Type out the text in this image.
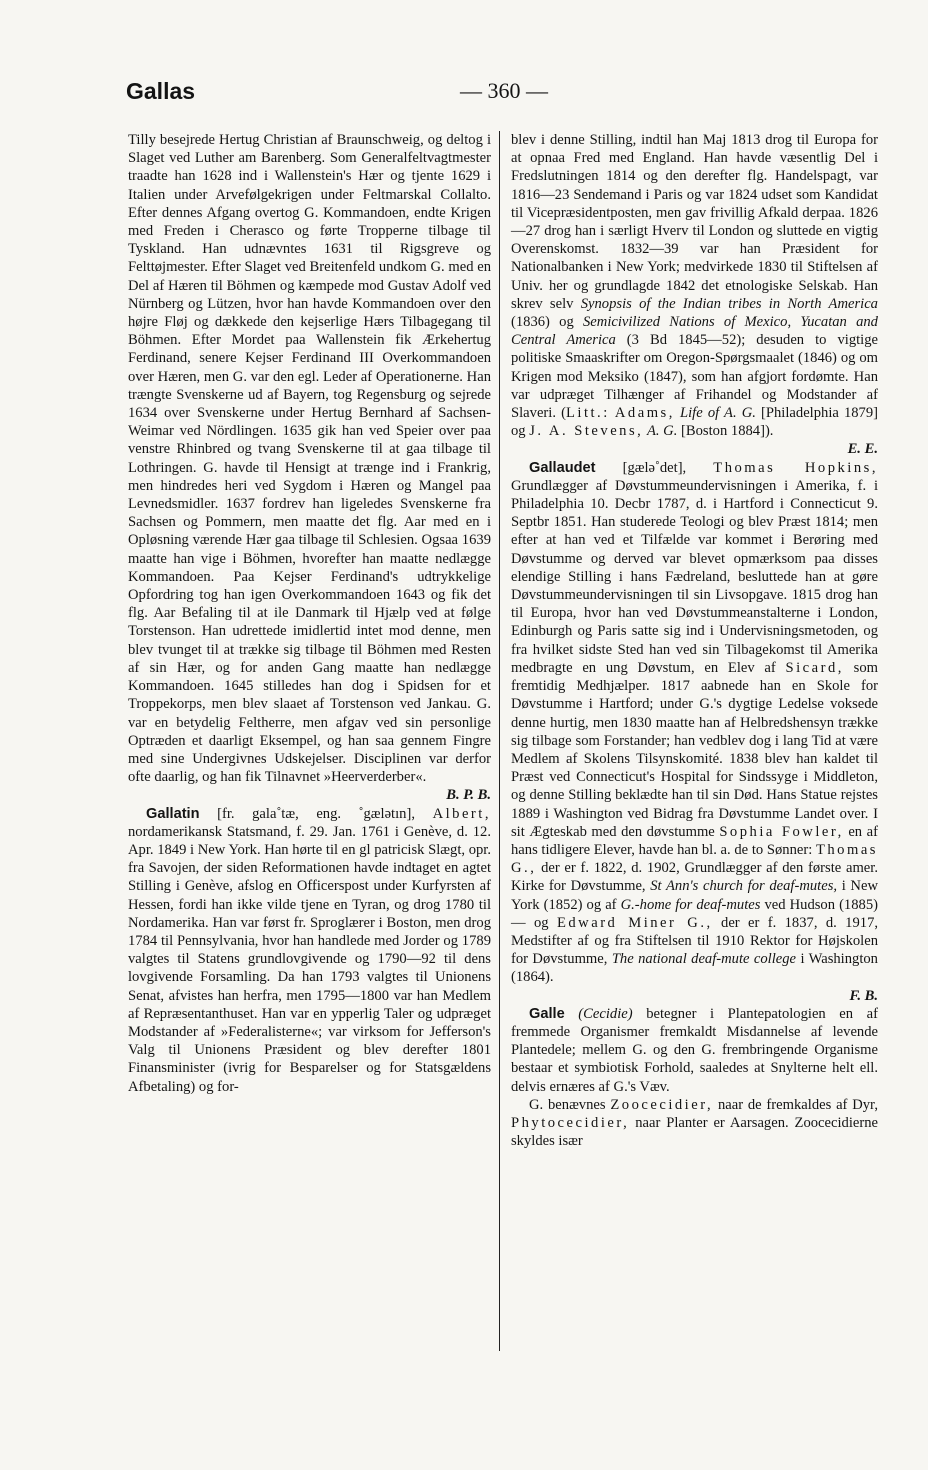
Gallas	— 360 —

Tilly besejrede Hertug Christian af Braunschweig, og deltog i Slaget ved Luther am Barenberg. Som Generalfeltvagtmester traadte han 1628 ind i Wallenstein's Hær og tjente 1629 i Italien under Arvefølgekrigen under Feltmarskal Collalto. Efter dennes Afgang overtog G. Kommandoen, endte Krigen med Freden i Cherasco og førte Tropperne tilbage til Tyskland. Han udnævntes 1631 til Rigsgreve og Felttøjmester. Efter Slaget ved Breitenfeld undkom G. med en Del af Hæren til Böhmen og kæmpede mod Gustav Adolf ved Nürnberg og Lützen, hvor han havde Kommandoen over den højre Fløj og dækkede den kejserlige Hærs Tilbagegang til Böhmen. Efter Mordet paa Wallenstein fik Ærkehertug Ferdinand, senere Kejser Ferdinand III Overkommandoen over Hæren, men G. var den egl. Leder af Operationerne. Han trængte Svenskerne ud af Bayern, tog Regensburg og sejrede 1634 over Svenskerne under Hertug Bernhard af Sachsen-Weimar ved Nördlingen. 1635 gik han ved Speier over paa venstre Rhinbred og tvang Svenskerne til at gaa tilbage til Lothringen. G. havde til Hensigt at trænge ind i Frankrig, men hindredes heri ved Sygdom i Hæren og Mangel paa Levnedsmidler. 1637 fordrev han ligeledes Svenskerne fra Sachsen og Pommern, men maatte det flg. Aar med en i Opløsning værende Hær gaa tilbage til Schlesien. Ogsaa 1639 maatte han vige i Böhmen, hvorefter han maatte nedlægge Kommandoen. Paa Kejser Ferdinand's udtrykkelige Opfordring tog han igen Overkommandoen 1643 og fik det flg. Aar Befaling til at ile Danmark til Hjælp ved at følge Torstenson. Han udrettede imidlertid intet mod denne, men blev tvunget til at trække sig tilbage til Böhmen med Resten af sin Hær, og for anden Gang maatte han nedlægge Kommandoen. 1645 stilledes han dog i Spidsen for et Troppekorps, men blev slaaet af Torstenson ved Jankau. G. var en betydelig Feltherre, men afgav ved sin personlige Optræden et daarligt Eksempel, og han saa gennem Fingre med sine Undergivnes Udskejelser. Disciplinen var derfor ofte daarlig, og han fik Tilnavnet »Heerverderber«.

B. P. B.

Gallatin [fr. gala˚tæ, eng. ˚gælətın], Albert, nordamerikansk Statsmand, f. 29. Jan. 1761 i Genève, d. 12. Apr. 1849 i New York. Han hørte til en gl patricisk Slægt, opr. fra Savojen, der siden Reformationen havde indtaget en agtet Stilling i Genève, afslog en Officerspost under Kurfyrsten af Hessen, fordi han ikke vilde tjene en Tyran, og drog 1780 til Nordamerika. Han var først fr. Sproglærer i Boston, men drog 1784 til Pennsylvania, hvor han handlede med Jorder og 1789 valgtes til Statens grundlovgivende og 1790—92 til dens lovgivende Forsamling. Da han 1793 valgtes til Unionens Senat, afvistes han herfra, men 1795—1800 var han Medlem af Repræsentanthuset. Han var en ypperlig Taler og udpræget Modstander af »Federalisterne«; var virksom for Jefferson's Valg til Unionens Præsident og blev derefter 1801 Finansminister (ivrig for Besparelser og for Statsgældens Afbetaling) og for-

blev i denne Stilling, indtil han Maj 1813 drog til Europa for at opnaa Fred med England. Han havde væsentlig Del i Fredslutningen 1814 og den derefter flg. Handelspagt, var 1816—23 Sendemand i Paris og var 1824 udset som Kandidat til Vicepræsidentposten, men gav frivillig Afkald derpaa. 1826—27 drog han i særligt Hverv til London og sluttede en vigtig Overenskomst. 1832—39 var han Præsident for Nationalbanken i New York; medvirkede 1830 til Stiftelsen af Univ. her og grundlagde 1842 det etnologiske Selskab. Han skrev selv Synopsis of the Indian tribes in North America (1836) og Semicivilized Nations of Mexico, Yucatan and Central America (3 Bd 1845—52); desuden to vigtige politiske Smaaskrifter om Oregon-Spørgsmaalet (1846) og om Krigen mod Meksiko (1847), som han afgjort fordømte. Han var udpræget Tilhænger af Frihandel og Modstander af Slaveri. (Litt.: Adams, Life of A. G. [Philadelphia 1879] og J. A. Stevens, A. G. [Boston 1884]).

E. E.

Gallaudet [gælə˚det], Thomas Hopkins, Grundlægger af Døvstummeundervisningen i Amerika, f. i Philadelphia 10. Decbr 1787, d. i Hartford i Connecticut 9. Septbr 1851. Han studerede Teologi og blev Præst 1814; men efter at han ved et Tilfælde var kommet i Berøring med Døvstumme og derved var blevet opmærksom paa disses elendige Stilling i hans Fædreland, besluttede han at gøre Døvstummeundervisningen til sin Livsopgave. 1815 drog han til Europa, hvor han ved Døvstummeanstalterne i London, Edinburgh og Paris satte sig ind i Undervisningsmetoden, og fra hvilket sidste Sted han ved sin Tilbagekomst til Amerika medbragte en ung Døvstum, en Elev af Sicard, som fremtidig Medhjælper. 1817 aabnede han en Skole for Døvstumme i Hartford; under G.'s dygtige Ledelse voksede denne hurtig, men 1830 maatte han af Helbredshensyn trække sig tilbage som Forstander; han vedblev dog i lang Tid at være Medlem af Skolens Tilsynskomité. 1838 blev han kaldet til Præst ved Connecticut's Hospital for Sindssyge i Middleton, og denne Stilling beklædte han til sin Død. Hans Statue rejstes 1889 i Washington ved Bidrag fra Døvstumme Landet over. I sit Ægteskab med den døvstumme Sophia Fowler, en af hans tidligere Elever, havde han bl. a. de to Sønner: Thomas G., der er f. 1822, d. 1902, Grundlægger af den første amer. Kirke for Døvstumme, St Ann's church for deaf-mutes, i New York (1852) og af G.-home for deaf-mutes ved Hudson (1885) — og Edward Miner G., der er f. 1837, d. 1917, Medstifter af og fra Stiftelsen til 1910 Rektor for Højskolen for Døvstumme, The national deaf-mute college i Washington (1864).

F. B.

Galle (Cecidie) betegner i Plantepatologien en af fremmede Organismer fremkaldt Misdannelse af levende Plantedele; mellem G. og den G. frembringende Organisme bestaar et symbiotisk Forhold, saaledes at Snylterne helt ell. delvis ernæres af G.'s Væv.

G. benævnes Zoocecidier, naar de fremkaldes af Dyr, Phytocecidier, naar Planter er Aarsagen. Zoocecidierne skyldes især
